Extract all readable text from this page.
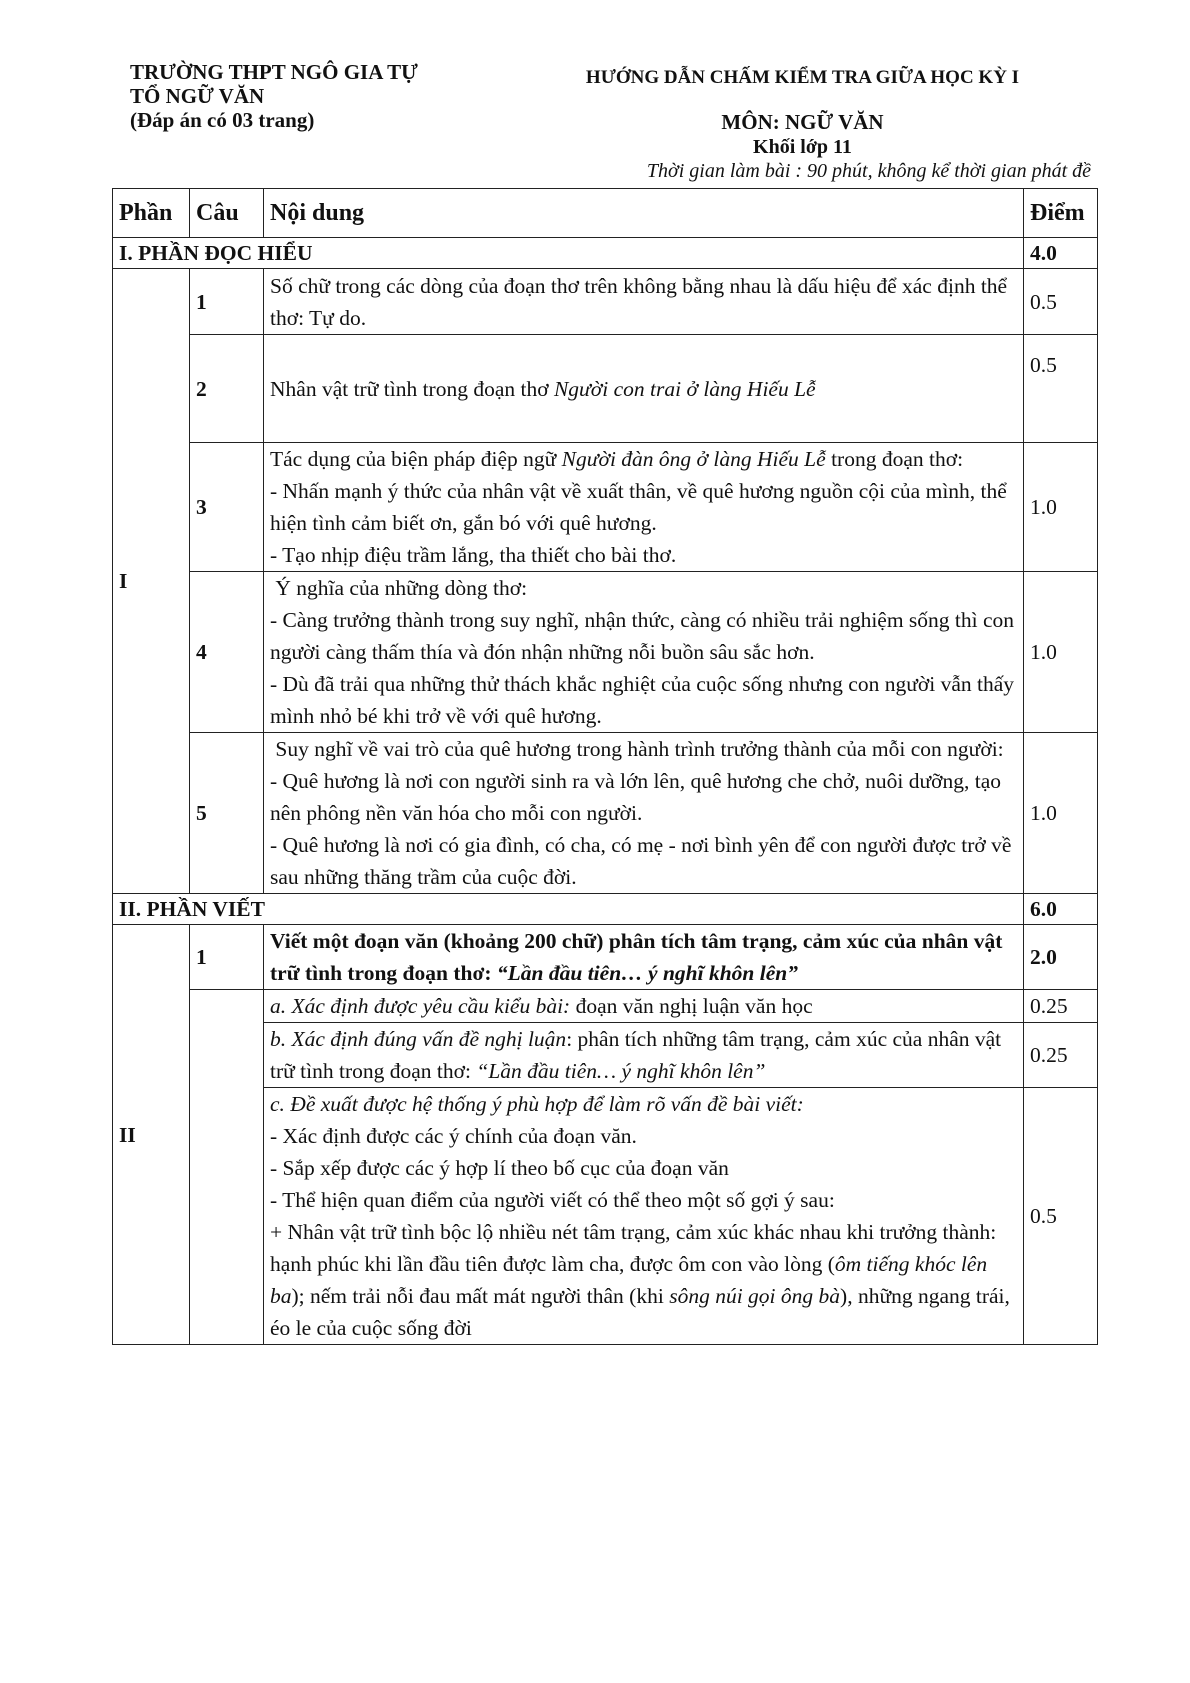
TRƯỜNG THPT NGÔ GIA TỰ
TỔ NGỮ VĂN
(Đáp án có 03 trang)
HƯỚNG DẪN CHẤM KIỂM TRA GIỮA HỌC KỲ I
MÔN: NGỮ VĂN
Khối lớp 11
Thời gian làm bài : 90 phút, không kể thời gian phát đề
Phần	Câu	Nội dung	Điểm
I. PHẦN ĐỌC HIỂU			4.0
I	1	Số chữ trong các dòng của đoạn thơ trên không bằng nhau là dấu hiệu để xác định thể thơ: Tự do.	0.5
	2	Nhân vật trữ tình trong đoạn thơ Người con trai ở làng Hiếu Lễ	0.5
	3	Tác dụng của biện pháp điệp ngữ Người đàn ông ở làng Hiếu Lễ trong đoạn thơ:
- Nhấn mạnh ý thức của nhân vật về xuất thân, về quê hương nguồn cội của mình, thể hiện tình cảm biết ơn, gắn bó với quê hương.
- Tạo nhịp điệu trầm lắng, tha thiết cho bài thơ.	1.0
	4	Ý nghĩa của những dòng thơ:
- Càng trưởng thành trong suy nghĩ, nhận thức, càng có nhiều trải nghiệm sống thì con người càng thấm thía và đón nhận những nỗi buồn sâu sắc hơn.
- Dù đã trải qua những thử thách khắc nghiệt của cuộc sống nhưng con người vẫn thấy mình nhỏ bé khi trở về với quê hương.	1.0
	5	Suy nghĩ về vai trò của quê hương trong hành trình trưởng thành của mỗi con người:
- Quê hương là nơi con người sinh ra và lớn lên, quê hương che chở, nuôi dưỡng, tạo nên phông nền văn hóa cho mỗi con người.
- Quê hương là nơi có gia đình, có cha, có mẹ - nơi bình yên để con người được trở về sau những thăng trầm của cuộc đời.	1.0
II. PHẦN VIẾT			6.0
II	1	Viết một đoạn văn (khoảng 200 chữ) phân tích tâm trạng, cảm xúc của nhân vật trữ tình trong đoạn thơ: “Lần đầu tiên… ý nghĩ khôn lên”	2.0
		a. Xác định được yêu cầu kiểu bài: đoạn văn nghị luận văn học	0.25
		b. Xác định đúng vấn đề nghị luận: phân tích những tâm trạng, cảm xúc của nhân vật trữ tình trong đoạn thơ: “Lần đầu tiên… ý nghĩ khôn lên”	0.25

		c. Đề xuất được hệ thống ý phù hợp để làm rõ vấn đề bài viết:
- Xác định được các ý chính của đoạn văn.
- Sắp xếp được các ý hợp lí theo bố cục của đoạn văn
- Thể hiện quan điểm của người viết có thể theo một số gợi ý sau:
+ Nhân vật trữ tình bộc lộ nhiều nét tâm trạng, cảm xúc khác nhau khi trưởng thành: hạnh phúc khi lần đầu tiên được làm cha, được ôm con vào lòng (ôm tiếng khóc lên ba); nếm trải nỗi đau mất mát người thân (khi sông núi gọi ông bà), những ngang trái, éo le của cuộc sống đời	0.5
